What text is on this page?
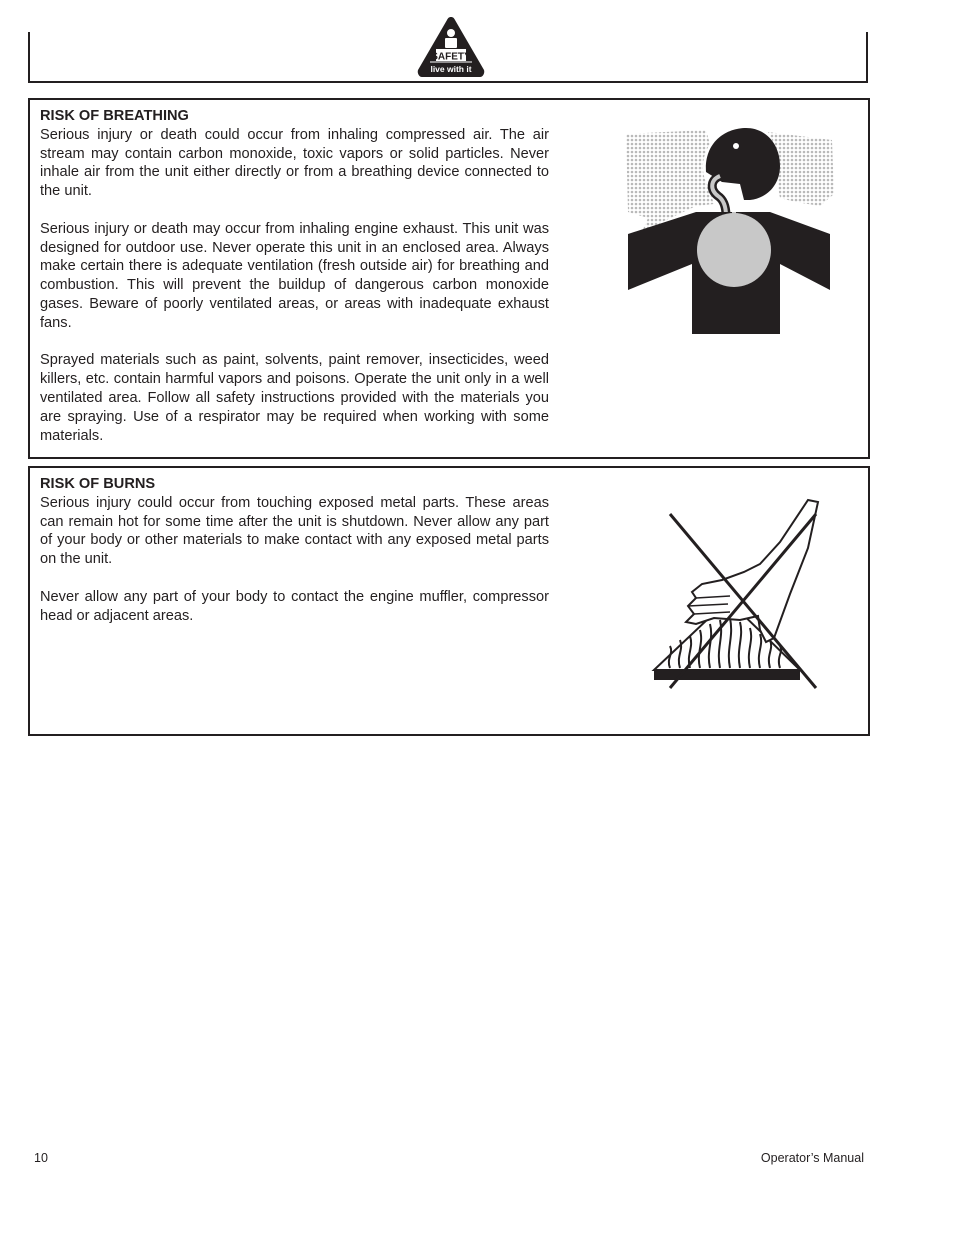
SAFETY
live with it

RISK OF BREATHING

Serious injury or death could occur from inhaling compressed air. The air stream may contain carbon monoxide, toxic vapors or solid particles. Never inhale air from the unit either directly or from a breathing device connected to the unit.

Serious injury or death may occur from inhaling engine exhaust. This unit was designed for outdoor use. Never operate this unit in an enclosed area. Always make certain there is adequate ventilation (fresh outside air) for breathing and combustion. This will prevent the buildup of dangerous carbon monoxide gases. Beware of poorly ventilated areas, or areas with inadequate exhaust fans.

Sprayed materials such as paint, solvents, paint remover, insecticides, weed killers, etc. contain harmful vapors and poisons. Operate the unit only in a well ventilated area. Follow all safety instructions provided with the materials you are spraying. Use of a respirator may be required when working with some materials.

RISK OF BURNS

Serious injury could occur from touching exposed metal parts. These areas can remain hot for some time after the unit is shutdown. Never allow any part of your body or other materials to make contact with any exposed metal parts on the unit.

Never allow any part of your body to contact the engine muffler, compressor head or adjacent areas.

10	Operator’s Manual
